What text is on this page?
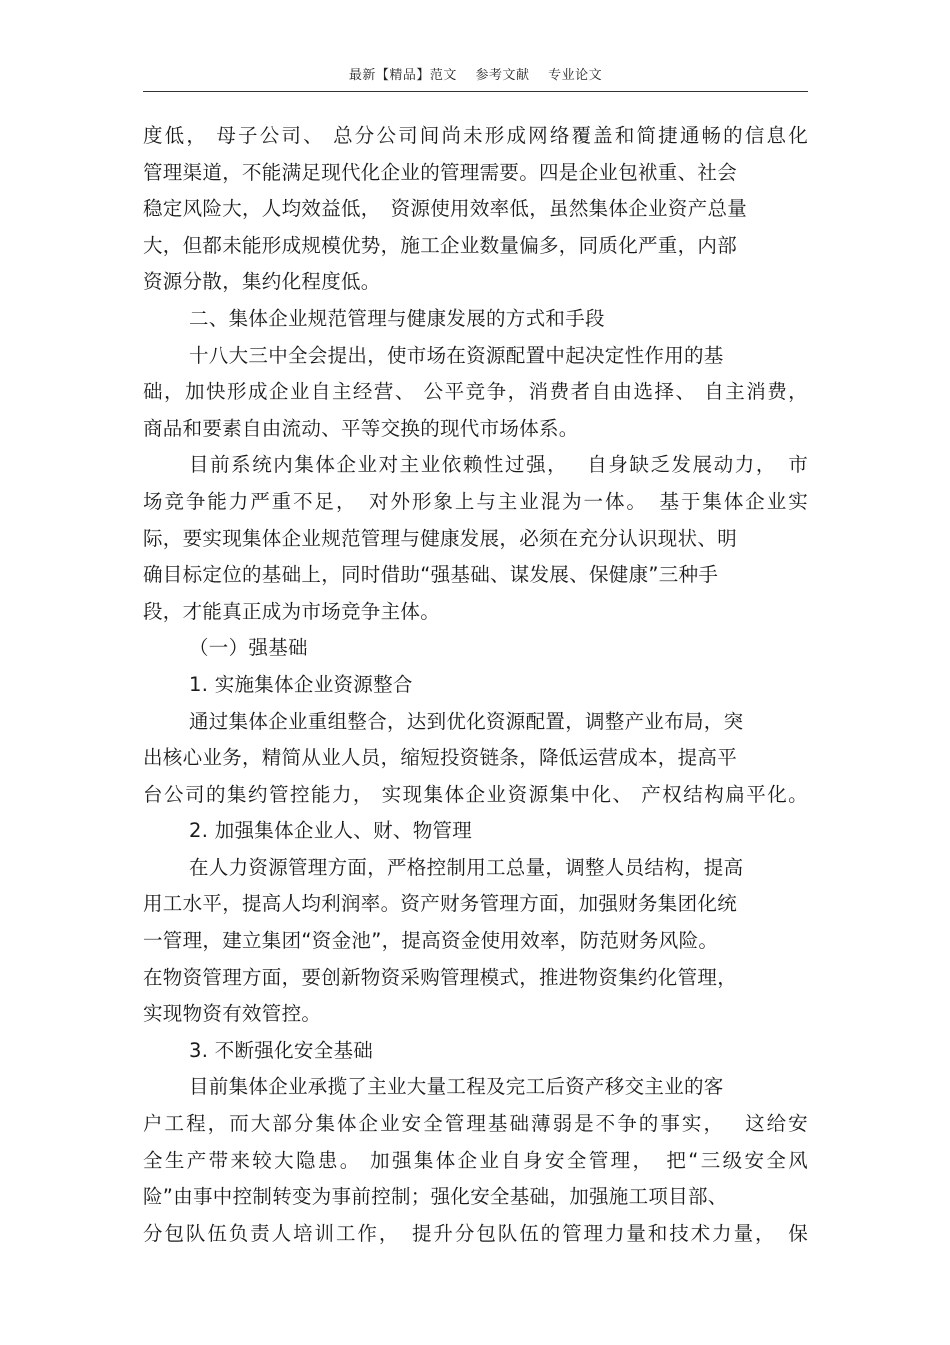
最新【精品】范文 参考文献 专业论文
度低， 母子公司、 总分公司间尚未形成网络覆盖和简捷通畅的信息化
管理渠道，不能满足现代化企业的管理需要。四是企业包袱重、社会
稳定风险大，人均效益低，　资源使用效率低，虽然集体企业资产总量
大，但都未能形成规模优势，施工企业数量偏多，同质化严重，内部
资源分散，集约化程度低。
二、集体企业规范管理与健康发展的方式和手段
十八大三中全会提出，使市场在资源配置中起决定性作用的基
础，加快形成企业自主经营、 公平竞争，消费者自由选择、 自主消费，
商品和要素自由流动、平等交换的现代市场体系。
目前系统内集体企业对主业依赖性过强，　 自身缺乏发展动力，　市
场竞争能力严重不足，　对外形象上与主业混为一体。　基于集体企业实
际，要实现集体企业规范管理与健康发展，必须在充分认识现状、明
确目标定位的基础上，同时借助“强基础、谋发展、保健康”三种手
段，才能真正成为市场竞争主体。
（一）强基础
1. 实施集体企业资源整合
通过集体企业重组整合，达到优化资源配置，调整产业布局，突
出核心业务，精简从业人员，缩短投资链条，降低运营成本，提高平
台公司的集约管控能力， 实现集体企业资源集中化、 产权结构扁平化。
2. 加强集体企业人、财、物管理
在人力资源管理方面，严格控制用工总量，调整人员结构，提高
用工水平，提高人均利润率。资产财务管理方面，加强财务集团化统
一管理，建立集团“资金池”，提高资金使用效率，防范财务风险。
在物资管理方面，要创新物资采购管理模式，推进物资集约化管理，
实现物资有效管控。
3. 不断强化安全基础
目前集体企业承揽了主业大量工程及完工后资产移交主业的客
户工程，而大部分集体企业安全管理基础薄弱是不争的事实，　 这给安
全生产带来较大隐患。 加强集体企业自身安全管理，　把“三级安全风
险”由事中控制转变为事前控制；强化安全基础，加强施工项目部、
分包队伍负责人培训工作，　提升分包队伍的管理力量和技术力量，　保
